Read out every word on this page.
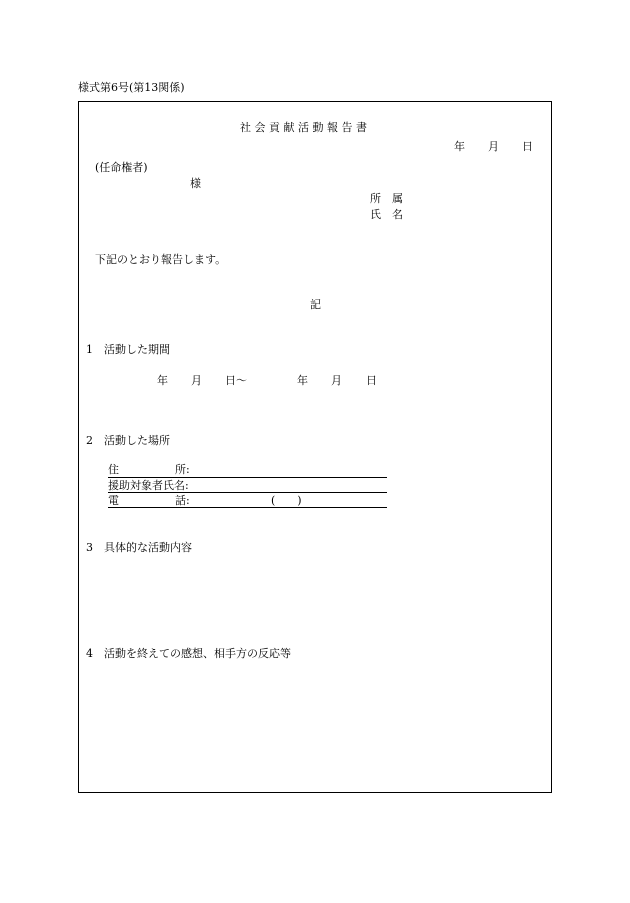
様式第6号(第13関係)
社 会 貢 献 活 動 報 告 書
年 月 日
(任命権者)
様
所　属
氏　名
下記のとおり報告します。
記
1　活動した期間
年 月 日〜	年 月 日
2　活動した場所
住	所:
援助対象者氏名:
電	話:	(　　)
3　具体的な活動内容
4　活動を終えての感想、相手方の反応等
